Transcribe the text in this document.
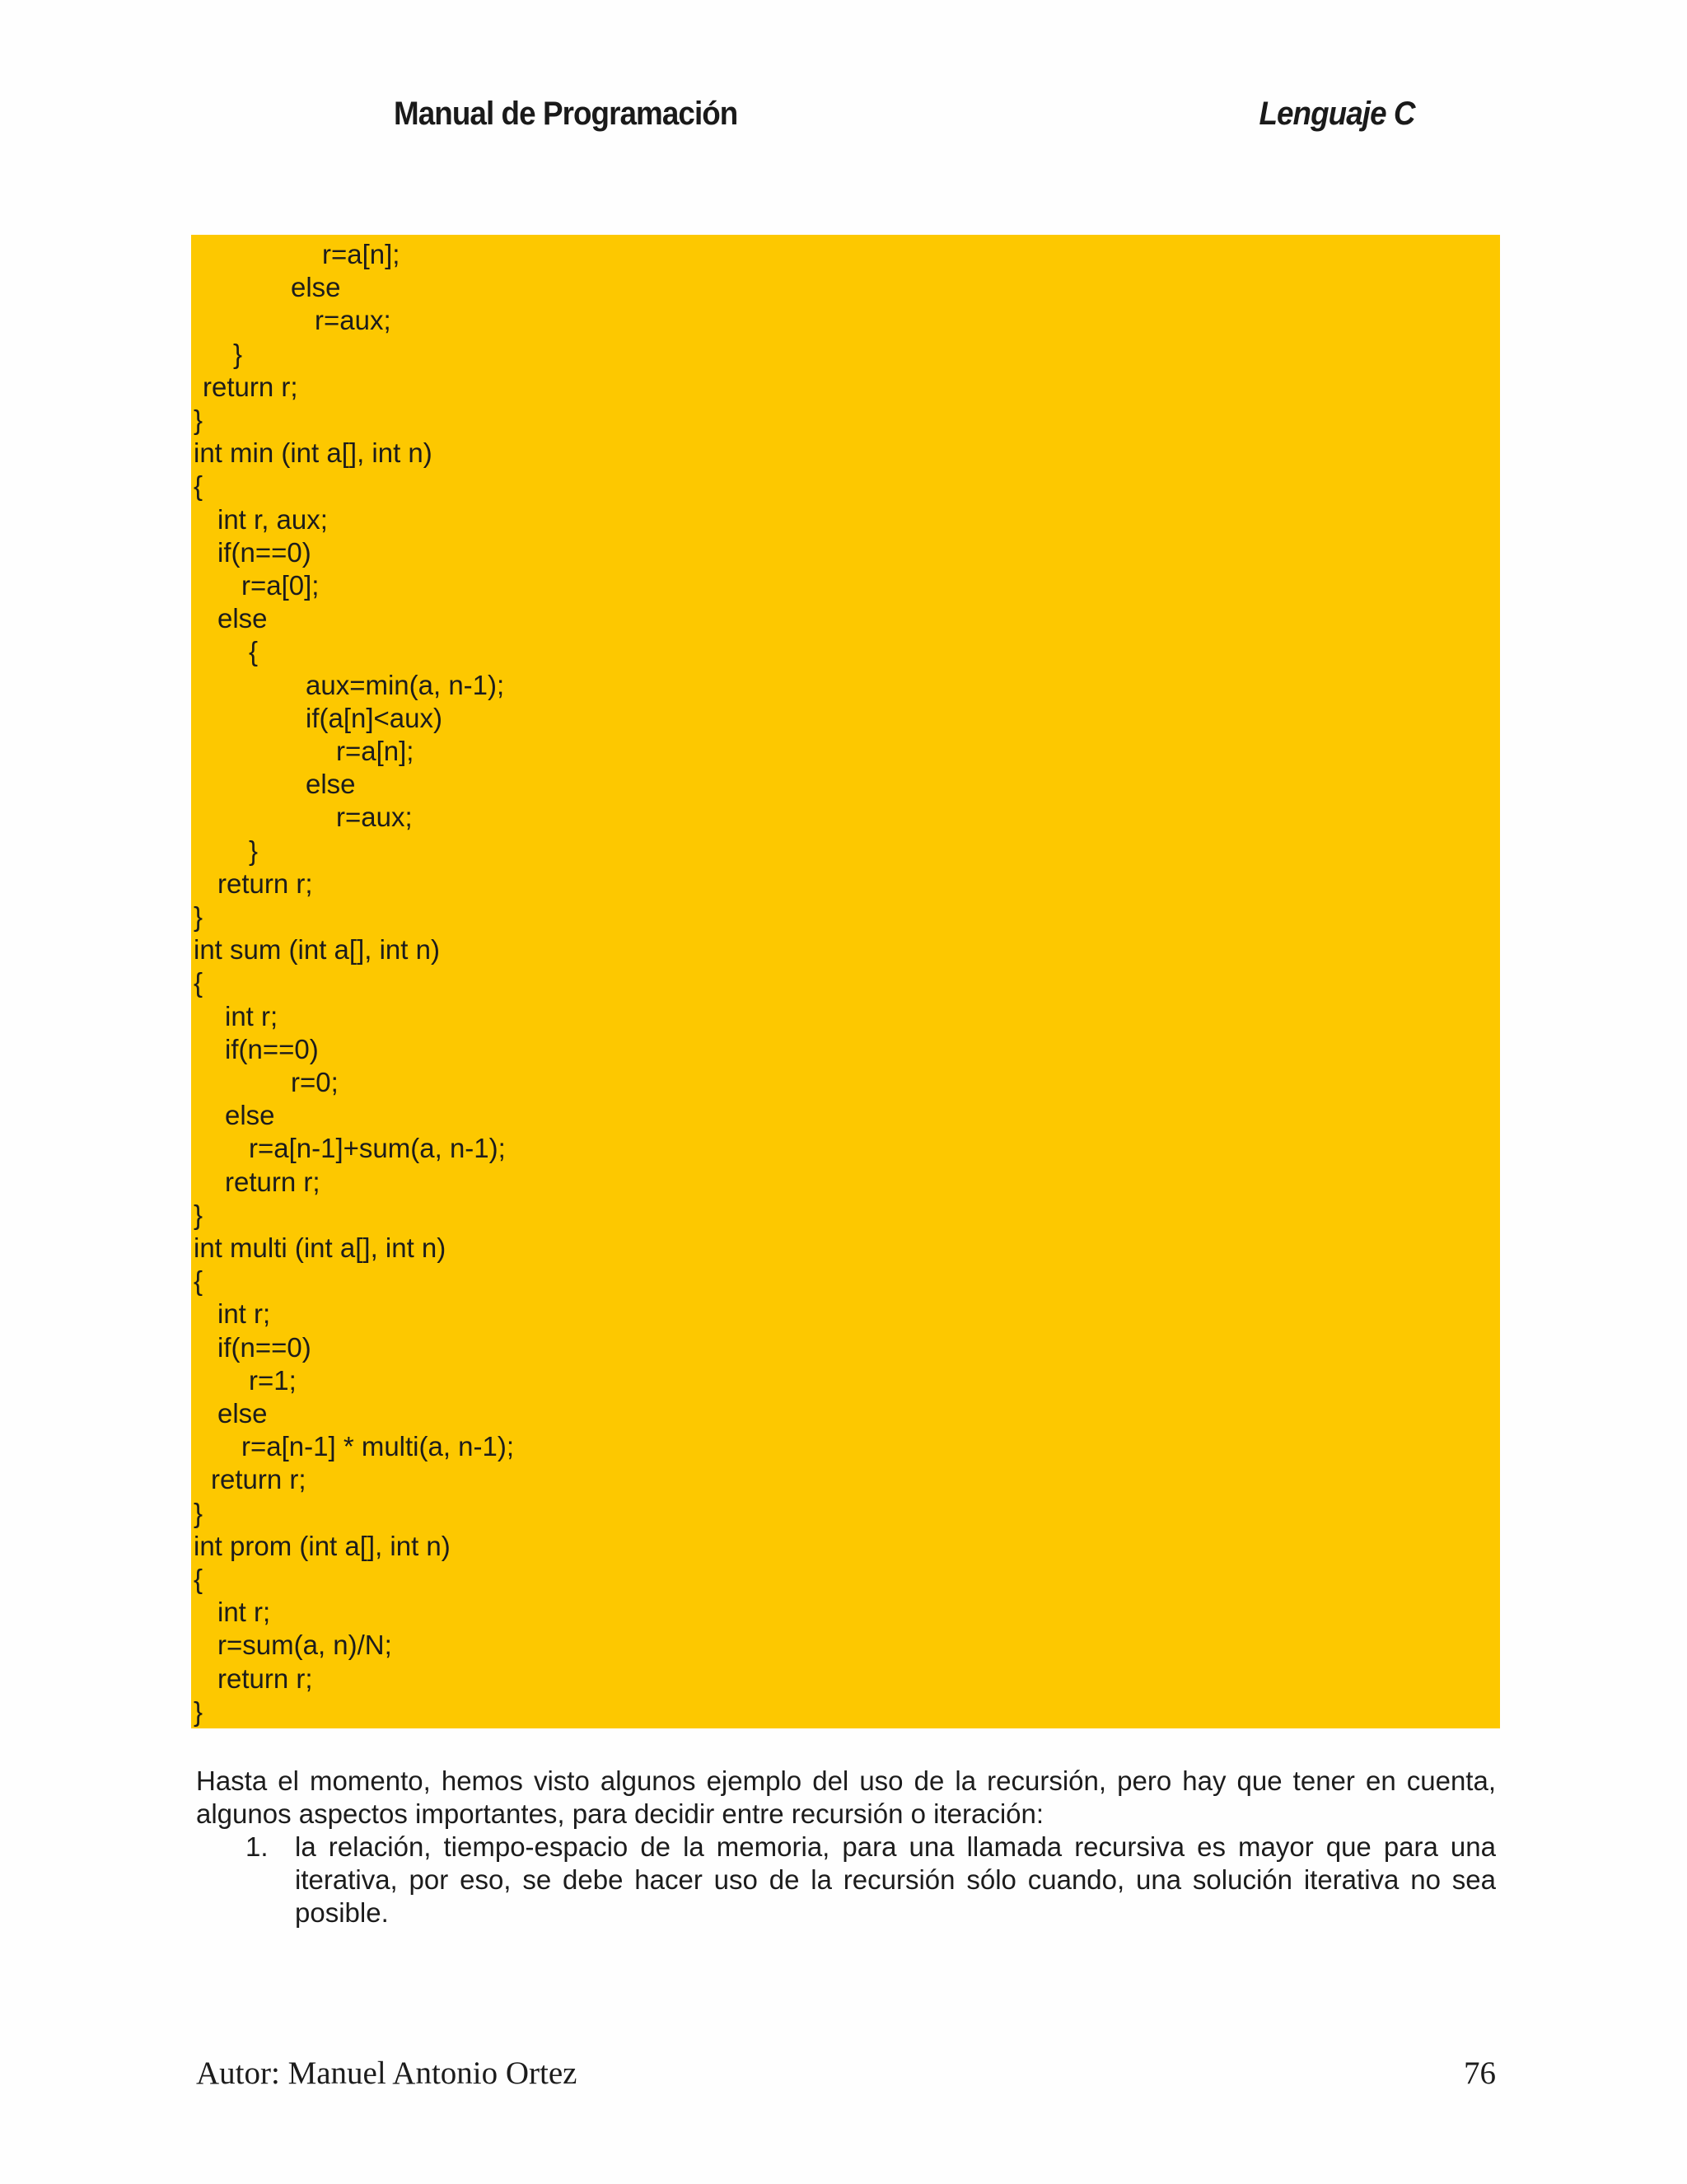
Manual de Programación	Lenguaje C
r=a[n];
else
r=aux;
}
return r;
}
int min (int a[], int n)
{
int r, aux;
if(n==0)
r=a[0];
else
{
aux=min(a, n-1);
if(a[n]<aux)
r=a[n];
else
r=aux;
}
return r;
}
int sum (int a[], int n)
{
int r;
if(n==0)
r=0;
else
r=a[n-1]+sum(a, n-1);
return r;
}
int multi (int a[], int n)
{
int r;
if(n==0)
r=1;
else
r=a[n-1] * multi(a, n-1);
return r;
}
int prom (int a[], int n)
{
int r;
r=sum(a, n)/N;
return r;
}
Hasta el momento, hemos visto algunos ejemplo del uso de la recursión, pero hay que tener en cuenta, algunos aspectos importantes, para decidir entre recursión o iteración:
1. la relación, tiempo-espacio de la memoria, para una llamada recursiva es mayor que para una iterativa, por eso, se debe hacer uso de la recursión sólo cuando, una solución iterativa no sea posible.
Autor: Manuel Antonio Ortez	76
